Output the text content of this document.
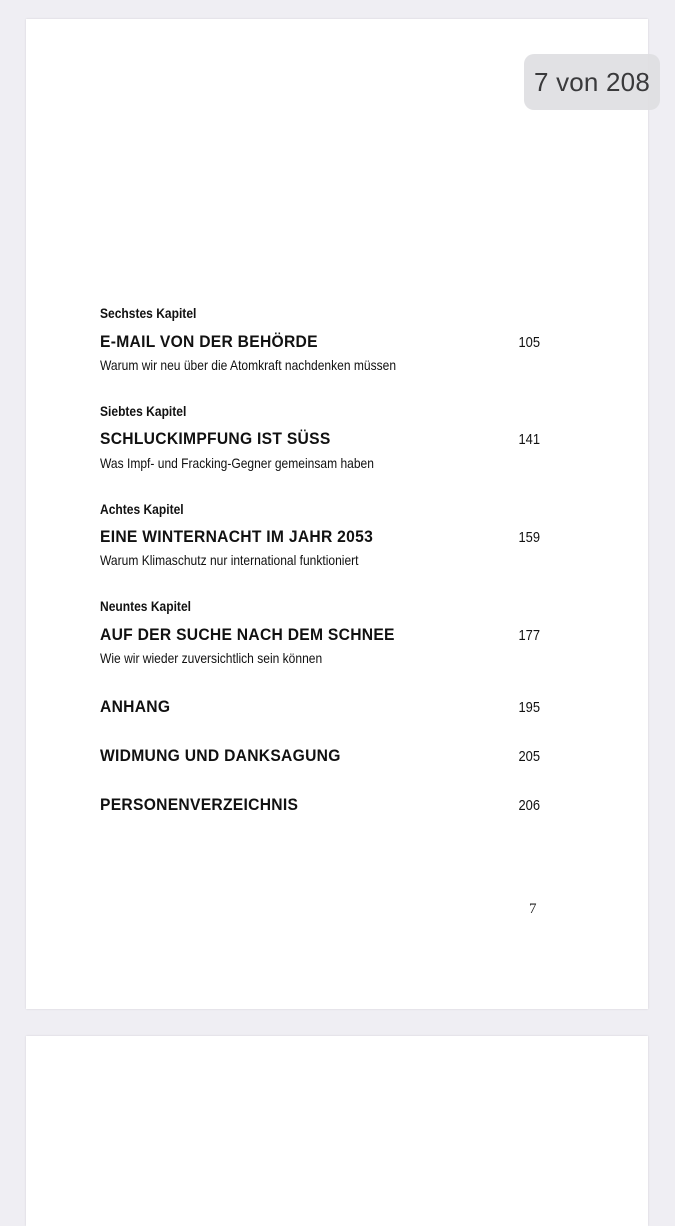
7 von 208
Sechstes Kapitel
E-MAIL VON DER BEHÖRDE	105
Warum wir neu über die Atomkraft nachdenken müssen
Siebtes Kapitel
SCHLUCKIMPFUNG IST SÜSS	141
Was Impf- und Fracking-Gegner gemeinsam haben
Achtes Kapitel
EINE WINTERNACHT IM JAHR 2053	159
Warum Klimaschutz nur international funktioniert
Neuntes Kapitel
AUF DER SUCHE NACH DEM SCHNEE	177
Wie wir wieder zuversichtlich sein können
ANHANG	195
WIDMUNG UND DANKSAGUNG	205
PERSONENVERZEICHNIS	206
7
